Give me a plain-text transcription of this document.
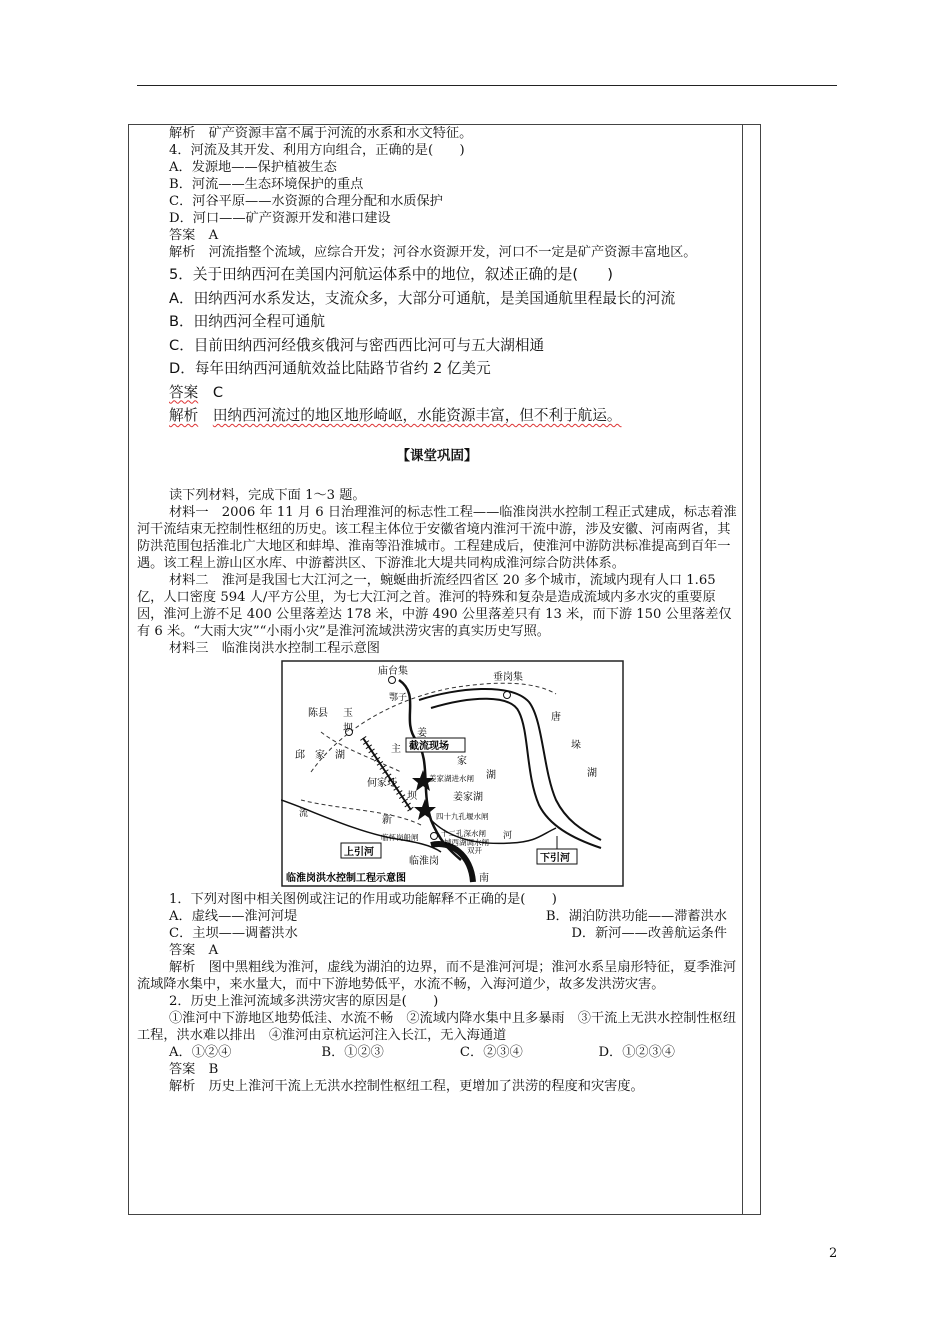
解析　 矿产资源丰富不属于河流的水系和水文特征。

4．河流及其开发、利用方向组合，正确的是(　　)

A．发源地——保护植被生态

B．河流——生态环境保护的重点

C．河谷平原——水资源的合理分配和水质保护

D．河口——矿产资源开发和港口建设

答案　 A

解析　 河流指整个流域，应综合开发；河谷水资源开发，河口不一定是矿产资源丰富地区。

5．关于田纳西河在美国内河航运体系中的地位，叙述正确的是(　　)

A．田纳西河水系发达，支流众多，大部分可通航，是美国通航里程最长的河流

B．田纳西河全程可通航

C．目前田纳西河经俄亥俄河与密西西比河可与五大湖相通

D．每年田纳西河通航效益比陆路节省约 2 亿美元

答案　 C

解析　 田纳西河流过的地区地形崎岖，水能资源丰富，但不利于航运。

【课堂巩固】

读下列材料，完成下面 1～3 题。

材料一　2006 年 11 月 6 日治理淮河的标志性工程——临淮岗洪水控制工程正式建成，标志着淮河干流结束无控制性枢纽的历史。该工程主体位于安徽省境内淮河干流中游，涉及安徽、河南两省，其防洪范围包括淮北广大地区和蚌埠、淮南等沿淮城市。工程建成后，使淮河中游防洪标准提高到百年一遇。该工程上游山区水库、中游蓄洪区、下游淮北大堤共同构成淮河综合防洪体系。

材料二　淮河是我国七大江河之一，蜿蜒曲折流经四省区 20 多个城市，流域内现有人口 1.65 亿，人口密度 594 人/平方公里，为七大江河之首。淮河的特殊和复杂是造成流域内多水灾的重要原因，淮河上游不足 400 公里落差达 178 米，中游 490 公里落差只有 13 米，而下游 150 公里落差仅有 6 米。“大雨大灾”“小雨小灾”是淮河流域洪涝灾害的真实历史写照。

材料三　临淮岗洪水控制工程示意图

庙台集
垂岗集
鄂子
陈县 玉
坝
唐
垛
湖
姜
主
家
湖
坝
截流现场
邱 家 湖
何家圩
姜家湖
姜家湖进水闸
四十九孔堰水闸
新
流
十二孔深水闸 河
城西湖调水闸
双开
临怀岗船闸
上引河
临淮岗	下引河
南
临淮岗洪水控制工程示意图

1．下列对图中相关图例或注记的作用或功能解释不正确的是(　　)

A．虚线——淮河河堤	B．湖泊防洪功能——滞蓄洪水
C．主坝——调蓄洪水	D．新河——改善航运条件

答案　 A

解析　 图中黑粗线为淮河，虚线为湖泊的边界，而不是淮河河堤；淮河水系呈扇形特征，夏季淮河流域降水集中，来水量大，而中下游地势低平，水流不畅，入海河道少，故多发洪涝灾害。

2．历史上淮河流域多洪涝灾害的原因是(　　)

①淮河中下游地区地势低洼、水流不畅　②流域内降水集中且多暴雨　③干流上无洪水控制性枢纽工程，洪水难以排出　④淮河由京杭运河注入长江，无入海通道

A．①②④	B．①②③	C．②③④	D．①②③④

答案　 B

解析　 历史上淮河干流上无洪水控制性枢纽工程，更增加了洪涝的程度和灾害度。

2
